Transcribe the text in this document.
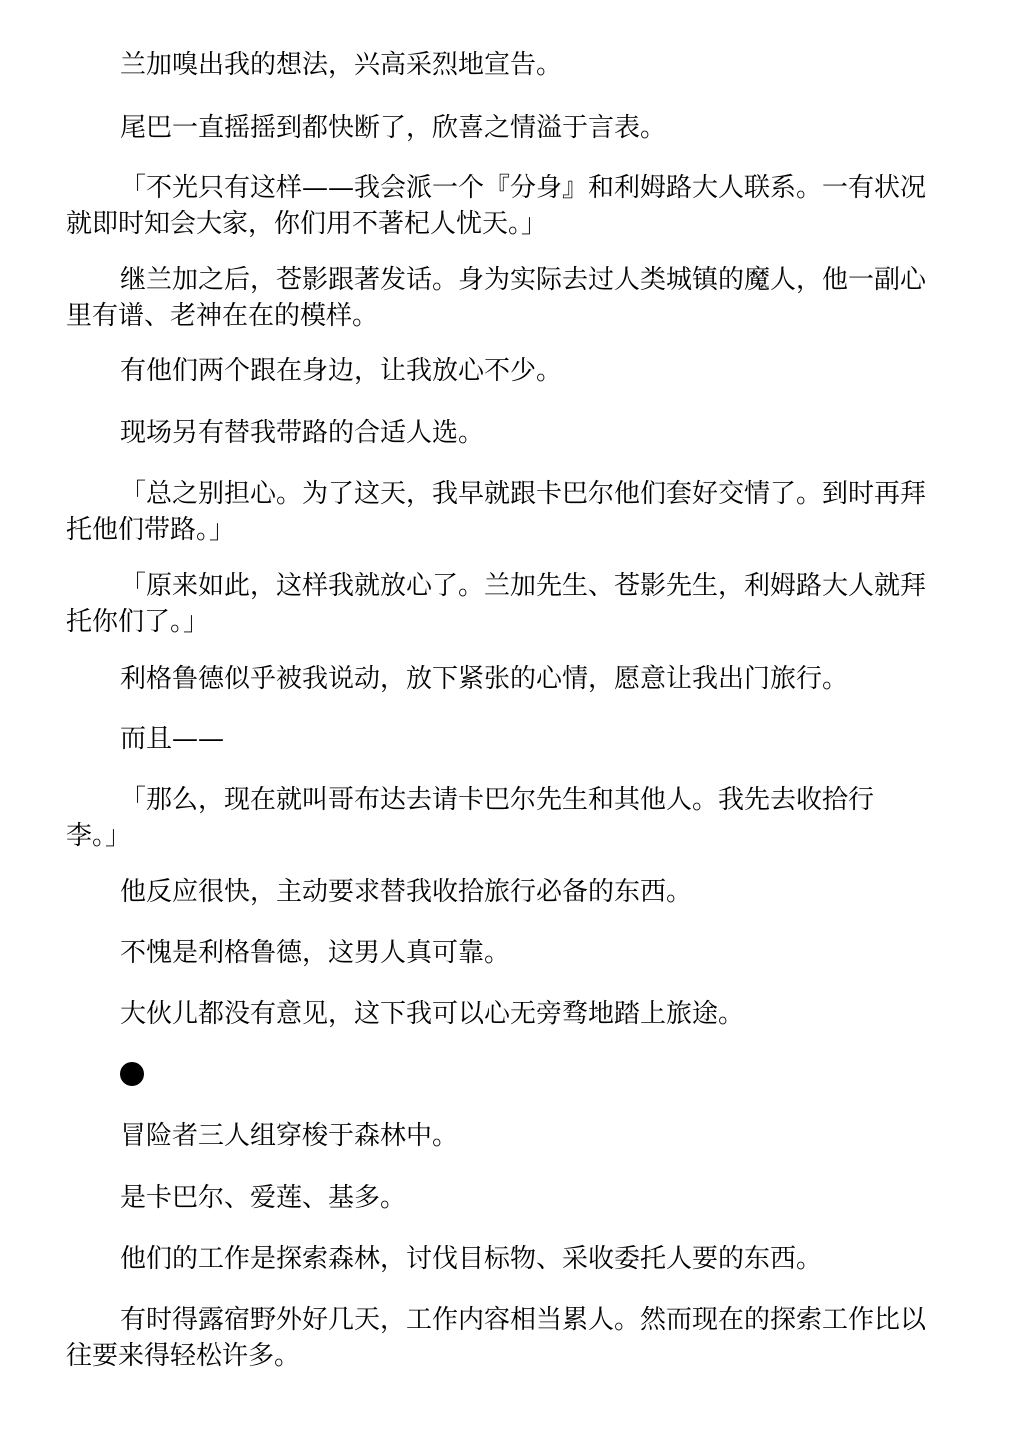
兰加嗅出我的想法，兴高采烈地宣告。

尾巴一直摇摇到都快断了，欣喜之情溢于言表。

「不光只有这样——我会派一个『分身』和利姆路大人联系。一有状况就即时知会大家，你们用不著杞人忧天。」

继兰加之后，苍影跟著发话。身为实际去过人类城镇的魔人，他一副心里有谱、老神在在的模样。

有他们两个跟在身边，让我放心不少。

现场另有替我带路的合适人选。

「总之别担心。为了这天，我早就跟卡巴尔他们套好交情了。到时再拜托他们带路。」

「原来如此，这样我就放心了。兰加先生、苍影先生，利姆路大人就拜托你们了。」

利格鲁德似乎被我说动，放下紧张的心情，愿意让我出门旅行。

而且——

「那么，现在就叫哥布达去请卡巴尔先生和其他人。我先去收拾行李。」

他反应很快，主动要求替我收拾旅行必备的东西。

不愧是利格鲁德，这男人真可靠。

大伙儿都没有意见，这下我可以心无旁骛地踏上旅途。

冒险者三人组穿梭于森林中。

是卡巴尔、爱莲、基多。

他们的工作是探索森林，讨伐目标物、采收委托人要的东西。

有时得露宿野外好几天，工作内容相当累人。然而现在的探索工作比以往要来得轻松许多。
